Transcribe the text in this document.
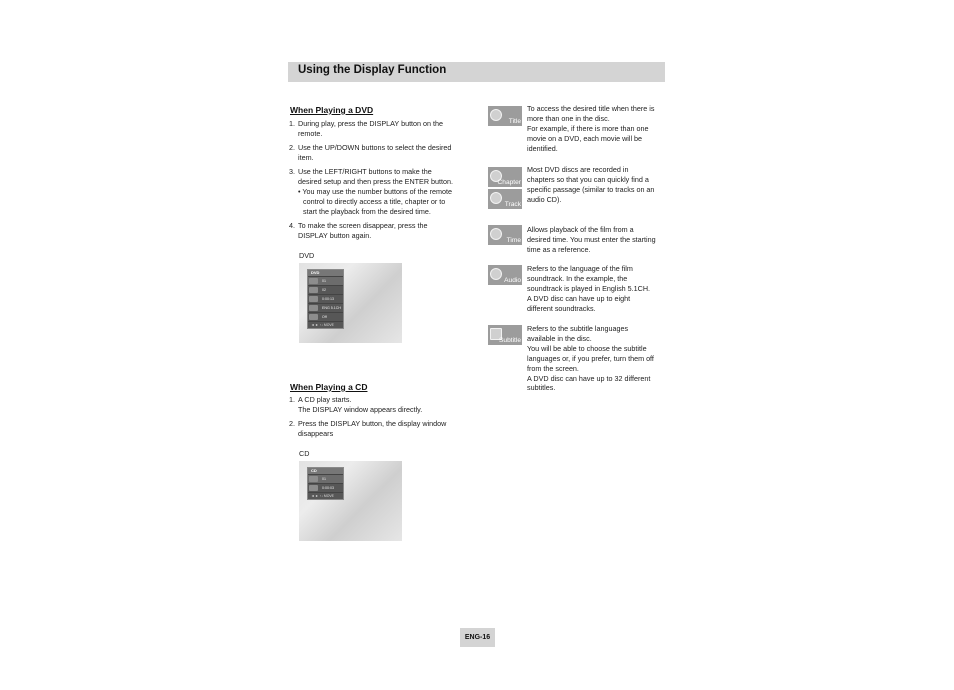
Using the Display Function
When Playing a DVD
1. During play, press the DISPLAY button on the
remote.
2. Use the UP/DOWN buttons to select the desired
item.
3. Use the LEFT/RIGHT buttons to make the
desired setup and then press the ENTER button.
• You may use the number buttons of the remote
control to directly access a title, chapter or to
start the playback from the desired time.
4. To make the screen disappear, press the
DISPLAY button again.
DVD
DVD
01
02
0:00:13
ENG 5.1CH
Off
◄ ► ↑↓ MOVE
When Playing a CD
1. A CD play starts.
The DISPLAY window appears directly.
2. Press the DISPLAY button, the display window
disappears
CD
CD
01
0:00:03
◄ ► ↑↓ MOVE
Title
To access the desired title when there is
more than one in the disc.
For example, if there is more than one
movie on a DVD, each movie will be
identified.
Chapter
Track
Most DVD discs are recorded in
chapters so that you can quickly find a
specific passage (similar to tracks on an
audio CD).
Time
Allows playback of the film from a
desired time. You must enter the starting
time as a reference.
Audio
Refers to the language of the film
soundtrack. In the example, the
soundtrack is played in English 5.1CH.
A DVD disc can have up to eight
different soundtracks.
Subtitle
Refers to the subtitle languages
available in the disc.
You will be able to choose the subtitle
languages or, if you prefer, turn them off
from the screen.
A DVD disc can have up to 32 different
subtitles.
ENG-16
